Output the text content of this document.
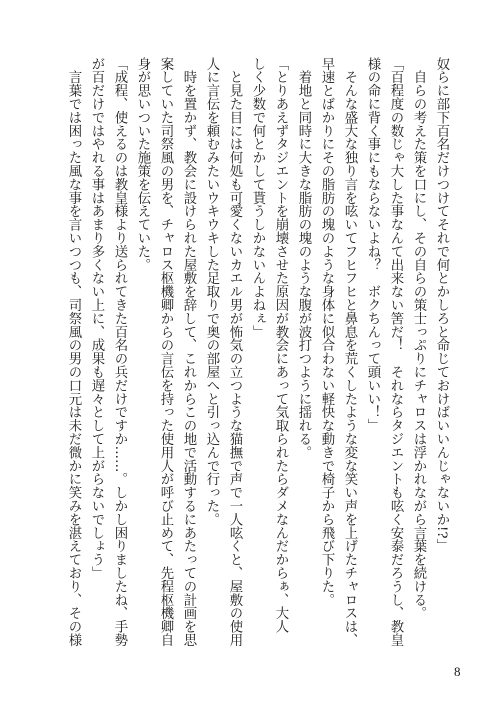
奴らに部下百名だけつけてそれで何とかしろと命じておけばいいんじゃないか!?」
　自らの考えた策を口にし、その自らの策士っぷりにチャロスは浮かれながら言葉を続ける。
「百程度の数じゃ大した事なんて出来ない筈だ！　それならタジエントも呟く安泰だろうし、教皇
様の命に背く事にもならないよね？　ボクちんって頭いい！」
　そんな盛大な独り言を呟いてフヒフヒと鼻息を荒くしたような変な笑い声を上げたチャロスは、
早速とばかりにその脂肪の塊のような身体に似合わない軽快な動きで椅子から飛び下りた。
　着地と同時に大きな脂肪の塊のような腹が波打つように揺れる。
「とりあえずタジエントを崩壊させた原因が教会にあって気取られたらダメなんだからぁ、大人
しく少数で何とかして貰うしかないんよねぇ」
　と見た目には何処も可愛くないカエル男が怖気の立つような猫撫で声で一人呟くと、屋敷の使用
人に言伝を頼むみたいウキウキした足取りで奥の部屋へと引っ込んで行った。
　時を置かず、教会に設けられた屋敷を辞して、これからこの地で活動するにあたっての計画を思
案していた司祭風の男を、チャロス枢機卿からの言伝を持った使用人が呼び止めて、先程枢機卿自
身が思いついた施策を伝えていた。
「成程、使えるのは教皇様より送られてきた百名の兵だけですか……。しかし困りましたね、手勢
が百だけではやれる事はあまり多くない上に、成果も遅々として上がらないでしょう」
　言葉では困った風な事を言いつつも、司祭風の男の口元は未だ微かに笑みを湛えており、その様
8
